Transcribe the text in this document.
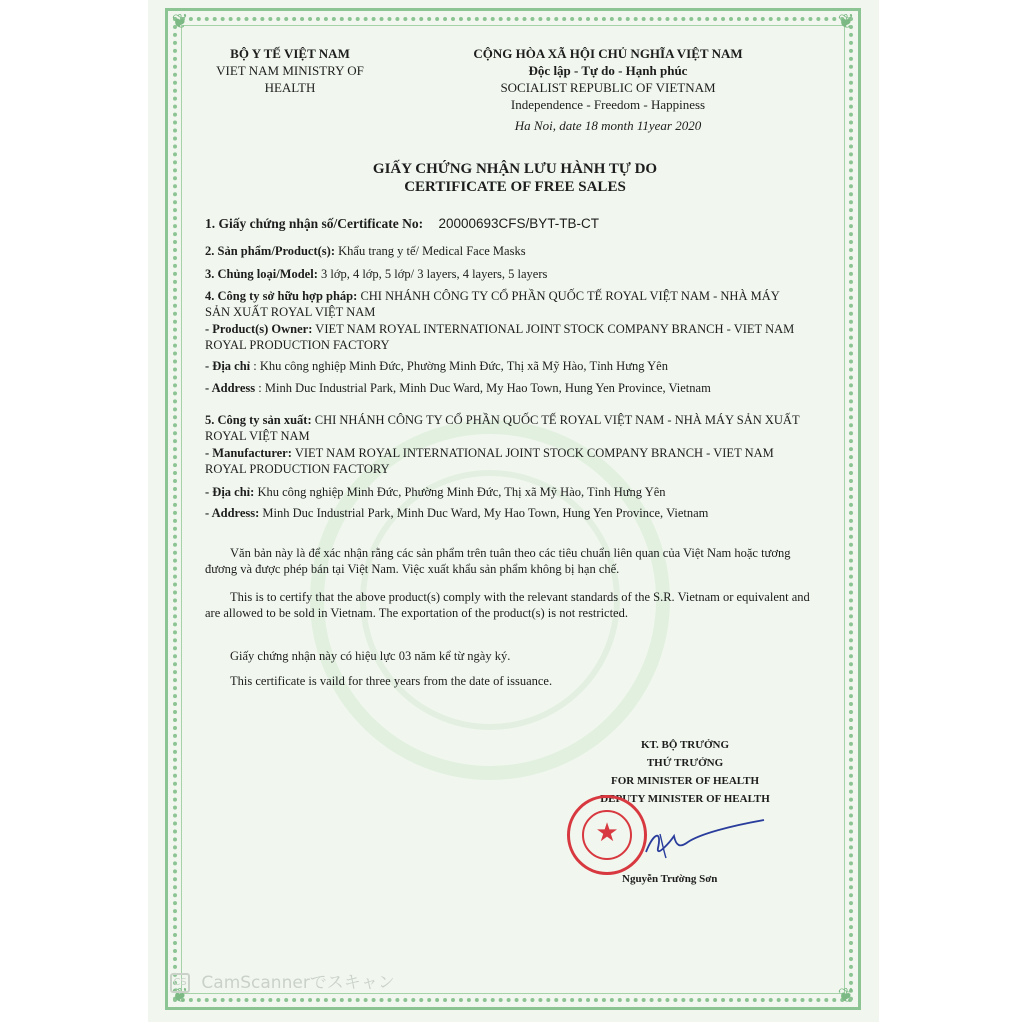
❦	❦
❦	❦
BỘ Y TẾ VIỆT NAM
VIET NAM MINISTRY OF HEALTH
CỘNG HÒA XÃ HỘI CHỦ NGHĨA VIỆT NAM
Độc lập - Tự do - Hạnh phúc
SOCIALIST REPUBLIC OF VIETNAM
Independence - Freedom - Happiness
Ha Noi, date 18 month 11year 2020
GIẤY CHỨNG NHẬN LƯU HÀNH TỰ DO
CERTIFICATE OF FREE SALES
1. Giấy chứng nhận số/Certificate No: 20000693CFS/BYT-TB-CT
2. Sản phẩm/Product(s): Khẩu trang y tế/ Medical Face Masks
3. Chủng loại/Model: 3 lớp, 4 lớp, 5 lớp/ 3 layers, 4 layers, 5 layers
4. Công ty sở hữu hợp pháp: CHI NHÁNH CÔNG TY CỔ PHẦN QUỐC TẾ ROYAL VIỆT NAM - NHÀ MÁY SẢN XUẤT ROYAL VIỆT NAM
- Product(s) Owner: VIET NAM ROYAL INTERNATIONAL JOINT STOCK COMPANY BRANCH - VIET NAM ROYAL PRODUCTION FACTORY
- Địa chỉ : Khu công nghiệp Minh Đức, Phường Minh Đức, Thị xã Mỹ Hào, Tỉnh Hưng Yên
- Address : Minh Duc Industrial Park, Minh Duc Ward, My Hao Town, Hung Yen Province, Vietnam
5. Công ty sản xuất: CHI NHÁNH CÔNG TY CỔ PHẦN QUỐC TẾ ROYAL VIỆT NAM - NHÀ MÁY SẢN XUẤT ROYAL VIỆT NAM
- Manufacturer: VIET NAM ROYAL INTERNATIONAL JOINT STOCK COMPANY BRANCH - VIET NAM ROYAL PRODUCTION FACTORY
- Địa chỉ: Khu công nghiệp Minh Đức, Phường Minh Đức, Thị xã Mỹ Hào, Tỉnh Hưng Yên
- Address: Minh Duc Industrial Park, Minh Duc Ward, My Hao Town, Hung Yen Province, Vietnam
Văn bản này là để xác nhận rằng các sản phẩm trên tuân theo các tiêu chuẩn liên quan của Việt Nam hoặc tương đương và được phép bán tại Việt Nam. Việc xuất khẩu sản phẩm không bị hạn chế.
This is to certify that the above product(s) comply with the relevant standards of the S.R. Vietnam or equivalent and are allowed to be sold in Vietnam. The exportation of the product(s) is not restricted.
Giấy chứng nhận này có hiệu lực 03 năm kể từ ngày ký.
This certificate is vaild for three years from the date of issuance.
KT. BỘ TRƯỞNG
THỨ TRƯỞNG
FOR MINISTER OF HEALTH
DEPUTY MINISTER OF HEALTH
★
Nguyễn Trường Sơn
CS CamScannerでスキャン
